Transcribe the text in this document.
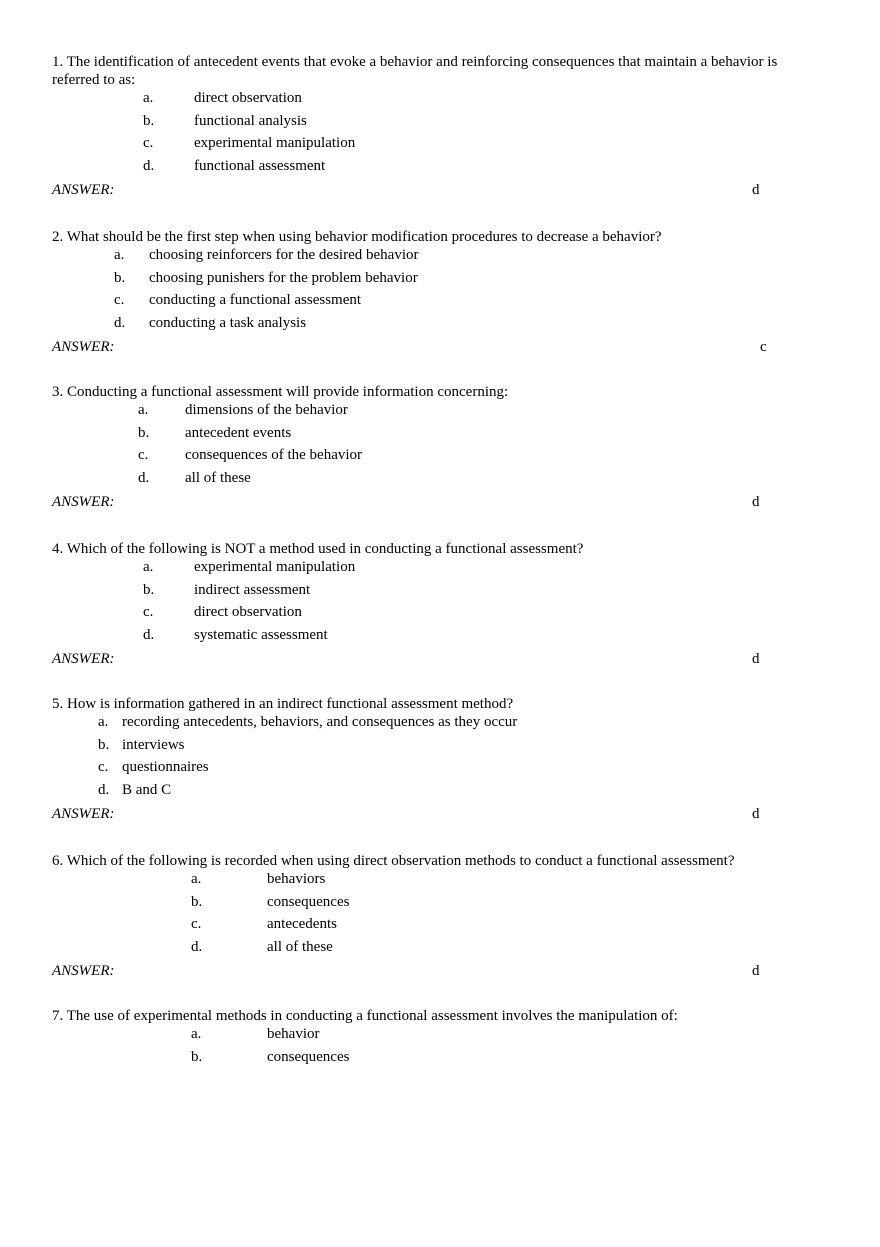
1. The identification of antecedent events that evoke a behavior and reinforcing consequences that maintain a behavior is referred to as:

a.	direct observation
b.	functional analysis
c.	experimental manipulation
d.	functional assessment
ANSWER:	d

2. What should be the first step when using behavior modification procedures to decrease a behavior?

a. choosing reinforcers for the desired behavior
b. choosing punishers for the problem behavior
c. conducting a functional assessment
d. conducting a task analysis
ANSWER:	c

3. Conducting a functional assessment will provide information concerning:

a. dimensions of the behavior
b. antecedent events
c. consequences of the behavior
d. all of these
ANSWER:	d

4. Which of the following is NOT a method used in conducting a functional assessment?

a.	experimental manipulation
b.	indirect assessment
c.	direct observation
d.	systematic assessment
ANSWER:	d

5. How is information gathered in an indirect functional assessment method?

a. recording antecedents, behaviors, and consequences as they occur
b. interviews
c. questionnaires
d. B and C
ANSWER:	d

6. Which of the following is recorded when using direct observation methods to conduct a functional assessment?

a.	behaviors
b.	consequences
c.	antecedents
d.	all of these
ANSWER:	d

7. The use of experimental methods in conducting a functional assessment involves the manipulation of:

a.	behavior
b.	consequences
